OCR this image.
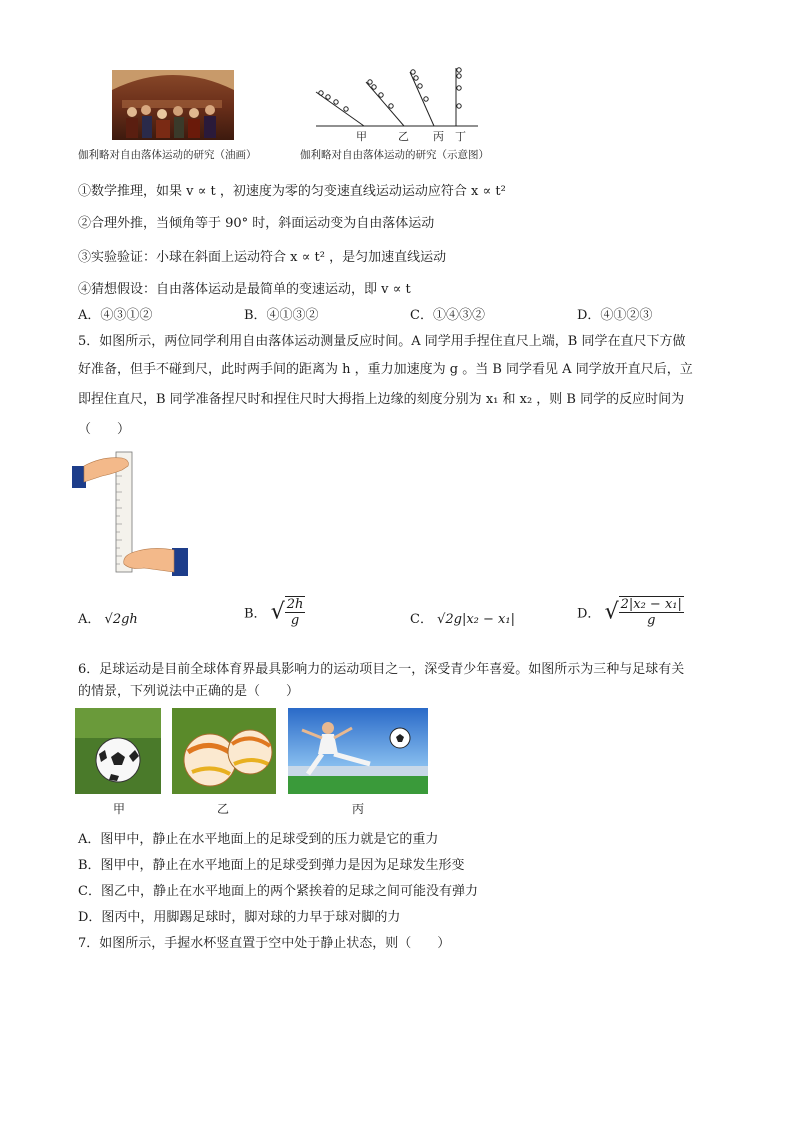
甲	乙 丙 丁
伽利略对自由落体运动的研究（油画）	伽利略对自由落体运动的研究（示意图）
①数学推理，如果 v ∝ t ，初速度为零的匀变速直线运动运动应符合 x ∝ t²
②合理外推，当倾角等于 90° 时，斜面运动变为自由落体运动
③实验验证：小球在斜面上运动符合 x ∝ t² ，是匀加速直线运动
④猜想假设：自由落体运动是最简单的变速运动，即 v ∝ t
A．④③①②	B．④①③②	C．①④③②	D．④①②③
5．如图所示，两位同学利用自由落体运动测量反应时间。A 同学用手捏住直尺上端，B 同学在直尺下方做
好准备，但手不碰到尺，此时两手间的距离为 h ，重力加速度为 g 。当 B 同学看见 A 同学放开直尺后，立
即捏住直尺，B 同学准备捏尺时和捏住尺时大拇指上边缘的刻度分别为 x₁ 和 x₂ ，则 B 同学的反应时间为
（　　）
A． √2gh	B． √ $\frac{2h}{g}$	C． √2g|x₂ − x₁|	D． √ $\frac{\text{2|x₂ − x₁|}}{g}$
6．足球运动是目前全球体育界最具影响力的运动项目之一，深受青少年喜爱。如图所示为三种与足球有关
的情景，下列说法中正确的是（　　）
甲	乙	丙
A．图甲中，静止在水平地面上的足球受到的压力就是它的重力
B．图甲中，静止在水平地面上的足球受到弹力是因为足球发生形变
C．图乙中，静止在水平地面上的两个紧挨着的足球之间可能没有弹力
D．图丙中，用脚踢足球时，脚对球的力早于球对脚的力
7．如图所示，手握水杯竖直置于空中处于静止状态，则（　　）
